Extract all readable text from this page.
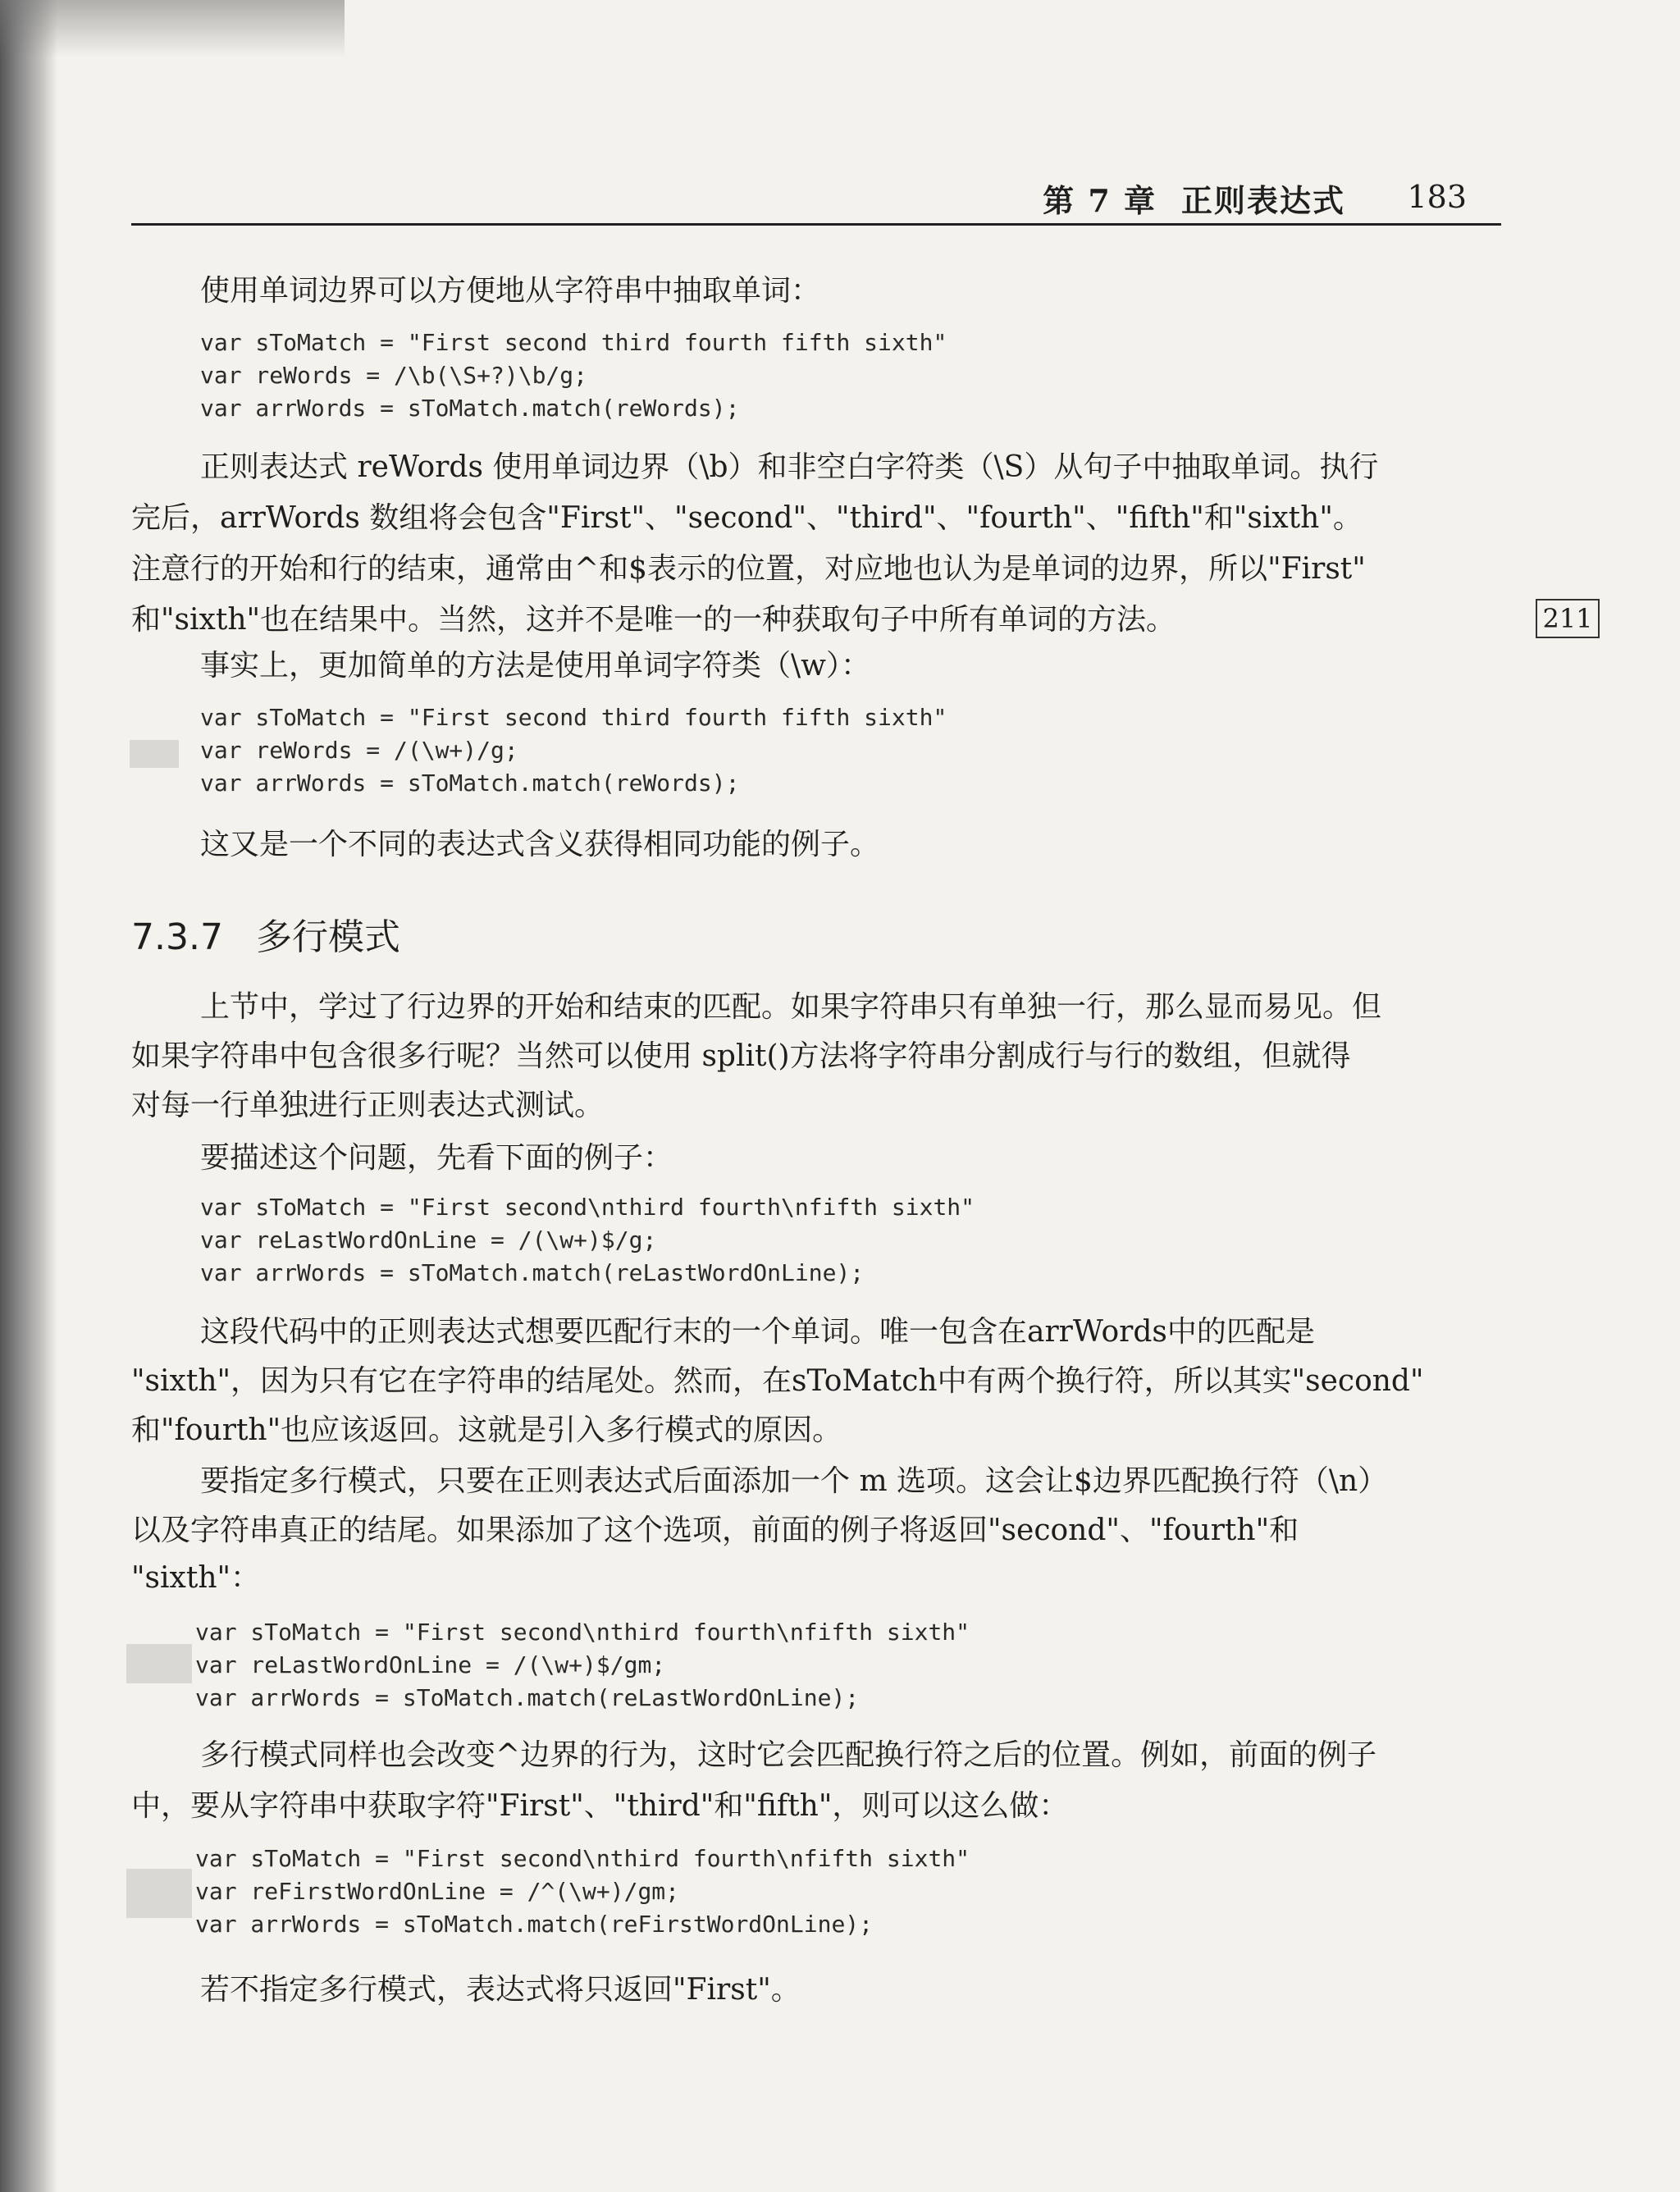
第 7 章 正则表达式 183
使用单词边界可以方便地从字符串中抽取单词：
var sToMatch = "First second third fourth fifth sixth"
var reWords = /\b(\S+?)\b/g;
var arrWords = sToMatch.match(reWords);
正则表达式 reWords 使用单词边界（\b）和非空白字符类（\S）从句子中抽取单词。执行
完后，arrWords 数组将会包含"First"、"second"、"third"、"fourth"、"fifth"和"sixth"。
注意行的开始和行的结束，通常由^和$表示的位置，对应地也认为是单词的边界，所以"First"
和"sixth"也在结果中。当然，这并不是唯一的一种获取句子中所有单词的方法。	211
事实上，更加简单的方法是使用单词字符类（\w）：
var sToMatch = "First second third fourth fifth sixth"
var reWords = /(\w+)/g;
var arrWords = sToMatch.match(reWords);
这又是一个不同的表达式含义获得相同功能的例子。
7.3.7 多行模式
上节中，学过了行边界的开始和结束的匹配。如果字符串只有单独一行，那么显而易见。但
如果字符串中包含很多行呢？当然可以使用 split()方法将字符串分割成行与行的数组，但就得
对每一行单独进行正则表达式测试。
要描述这个问题，先看下面的例子：
var sToMatch = "First second\nthird fourth\nfifth sixth"
var reLastWordOnLine = /(\w+)$/g;
var arrWords = sToMatch.match(reLastWordOnLine);
这段代码中的正则表达式想要匹配行末的一个单词。唯一包含在arrWords中的匹配是
"sixth"，因为只有它在字符串的结尾处。然而，在sToMatch中有两个换行符，所以其实"second"
和"fourth"也应该返回。这就是引入多行模式的原因。
要指定多行模式，只要在正则表达式后面添加一个 m 选项。这会让$边界匹配换行符（\n）
以及字符串真正的结尾。如果添加了这个选项，前面的例子将返回"second"、"fourth"和
"sixth"：
var sToMatch = "First second\nthird fourth\nfifth sixth"
var reLastWordOnLine = /(\w+)$/gm;
var arrWords = sToMatch.match(reLastWordOnLine);
多行模式同样也会改变^边界的行为，这时它会匹配换行符之后的位置。例如，前面的例子
中，要从字符串中获取字符"First"、"third"和"fifth"，则可以这么做：
var sToMatch = "First second\nthird fourth\nfifth sixth"
var reFirstWordOnLine = /^(\w+)/gm;
var arrWords = sToMatch.match(reFirstWordOnLine);
若不指定多行模式，表达式将只返回"First"。
